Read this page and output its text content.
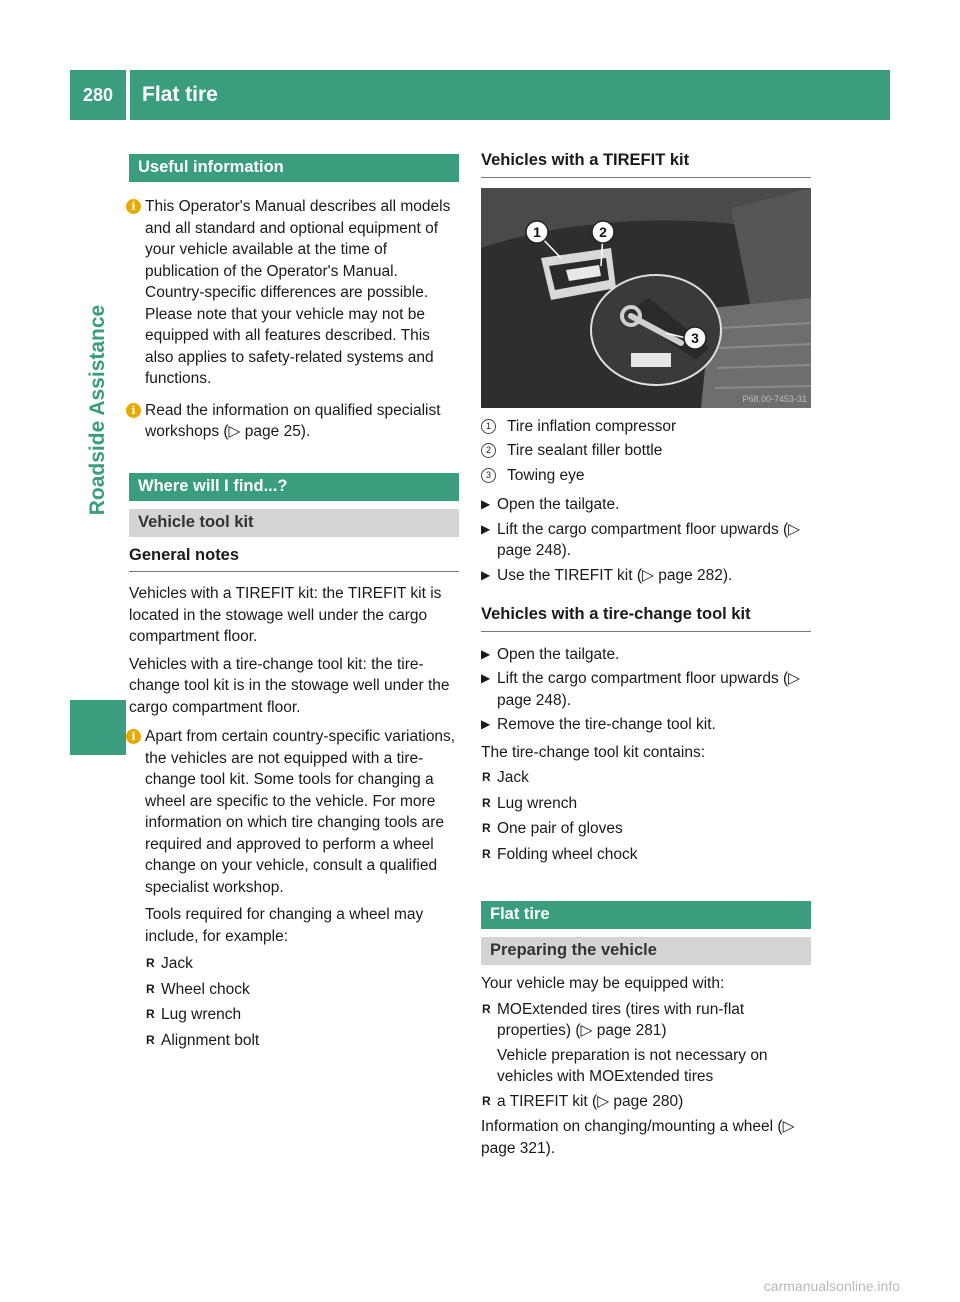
280	Flat tire
Roadside Assistance
Useful information
i This Operator's Manual describes all models and all standard and optional equipment of your vehicle available at the time of publication of the Operator's Manual. Country-specific differences are possible. Please note that your vehicle may not be equipped with all features described. This also applies to safety-related systems and functions.

i Read the information on qualified specialist workshops (▷ page 25).

Where will I find...?
Vehicle tool kit
General notes

Vehicles with a TIREFIT kit: the TIREFIT kit is located in the stowage well under the cargo compartment floor.

Vehicles with a tire-change tool kit: the tire-change tool kit is in the stowage well under the cargo compartment floor.

i Apart from certain country-specific variations, the vehicles are not equipped with a tire-change tool kit. Some tools for changing a wheel are specific to the vehicle. For more information on which tire changing tools are required and approved to perform a wheel change on your vehicle, consult a qualified specialist workshop.

Tools required for changing a wheel may include, for example:

R Jack
R Wheel chock
R Lug wrench
R Alignment bolt
Vehicles with a TIREFIT kit
1	2
3
P68.00-7453-31
1	Tire inflation compressor
2	Tire sealant filler bottle
3	Towing eye
▶ Open the tailgate.
▶ Lift the cargo compartment floor upwards (▷ page 248).
▶ Use the TIREFIT kit (▷ page 282).
Vehicles with a tire-change tool kit
▶ Open the tailgate.
▶ Lift the cargo compartment floor upwards (▷ page 248).
▶ Remove the tire-change tool kit.

The tire-change tool kit contains:

R Jack
R Lug wrench
R One pair of gloves
R Folding wheel chock
Flat tire
Preparing the vehicle

Your vehicle may be equipped with:

R MOExtended tires (tires with run-flat properties) (▷ page 281)

Vehicle preparation is not necessary on vehicles with MOExtended tires

R a TIREFIT kit (▷ page 280)

Information on changing/mounting a wheel (▷ page 321).

carmanualsonline.info
